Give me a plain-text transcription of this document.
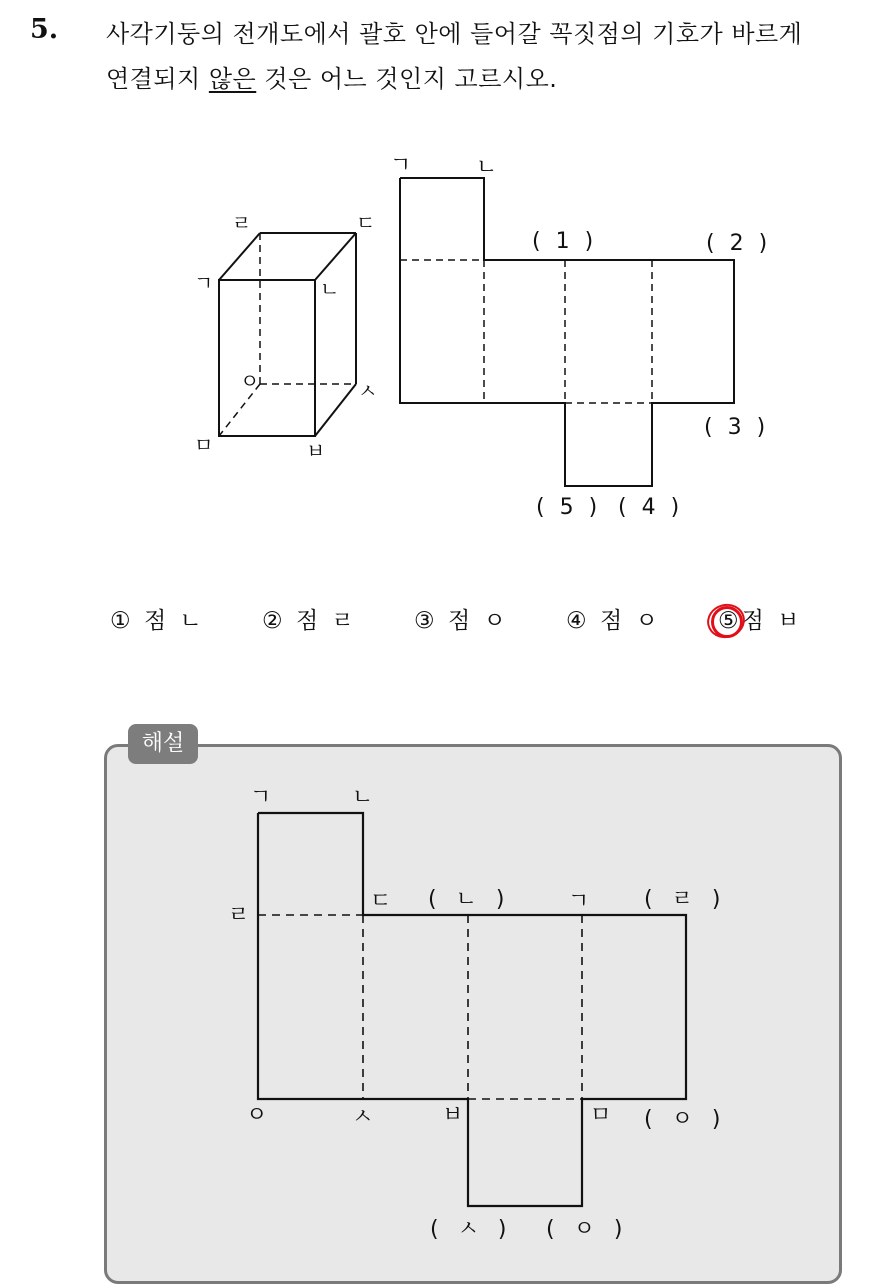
5. 사각기둥의 전개도에서 괄호 안에 들어갈 꼭짓점의 기호가 바르게
연결되지 않은 것은 어느 것인지 고르시오.
ㄹ	ㄷ
ㄱ	ㄴ
ㅇ	ㅅ
ㅁ	ㅂ
ㄱ	ㄴ
( 1 )	( 2 )
( 3 )
( 5 ) ( 4 )
① 점 ㄴ ② 점 ㄹ ③ 점 ㅇ ④ 점 ㅇ ⑤점 ㅂ
해설
ㄱ	ㄴ
ㄹ
ㄷ ( ㄴ )	ㄱ ( ㄹ )
ㅇ	ㅅ	ㅂ	ㅁ ( ㅇ )
( ㅅ ) ( ㅇ )
